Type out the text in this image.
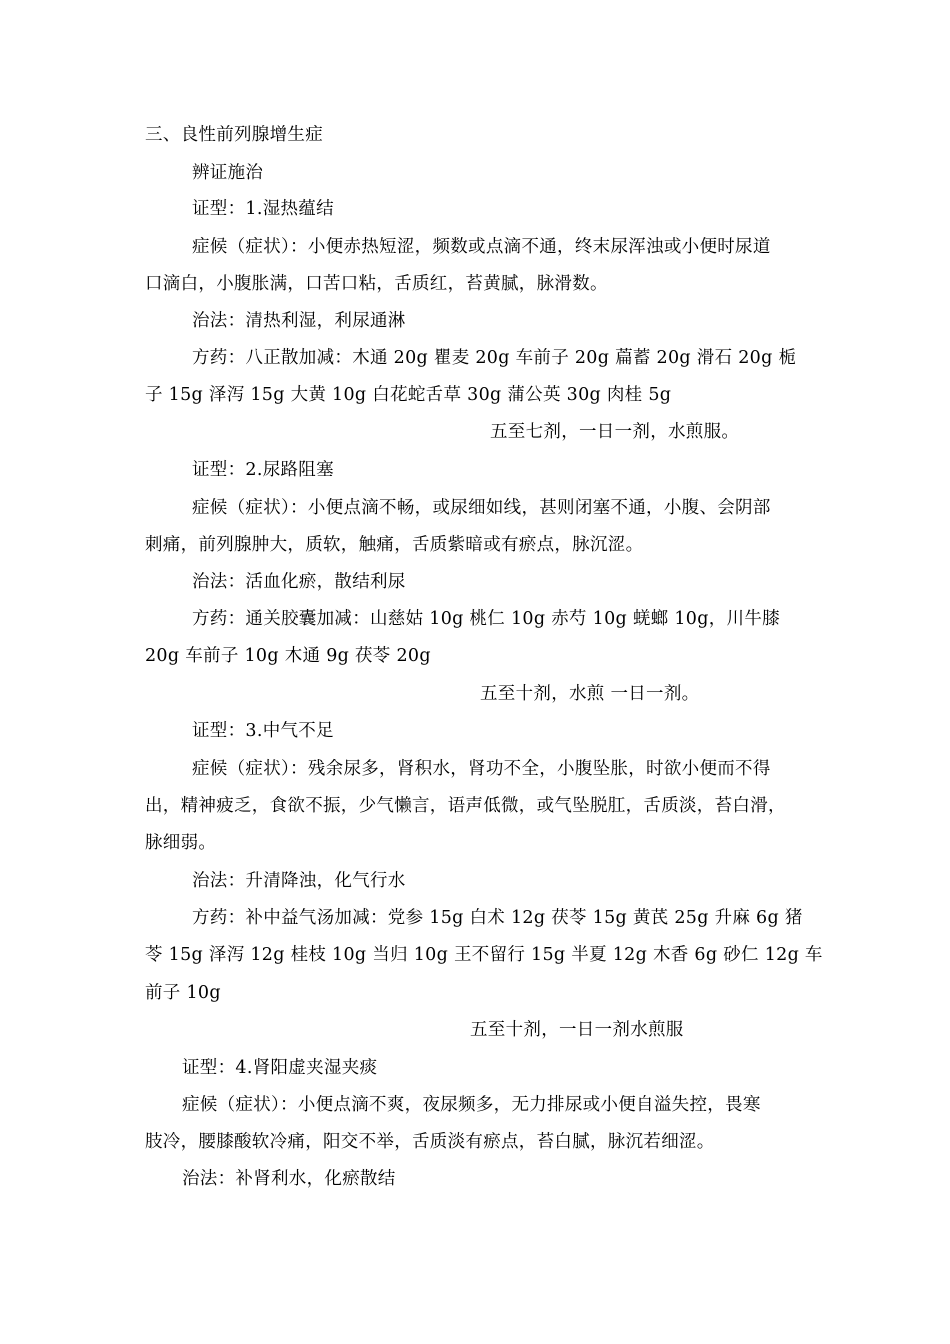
三、良性前列腺增生症
辨证施治
证型：1.湿热蕴结
症候（症状）：小便赤热短涩，频数或点滴不通，终末尿浑浊或小便时尿道
口滴白，小腹胀满，口苦口粘，舌质红，苔黄腻，脉滑数。
治法：清热利湿，利尿通淋
方药：八正散加减：木通 20g 瞿麦 20g 车前子 20g 萹蓄 20g 滑石 20g 栀
子 15g 泽泻 15g 大黄 10g 白花蛇舌草 30g 蒲公英 30g 肉桂 5g
五至七剂，一日一剂，水煎服。
证型：2.尿路阻塞
症候（症状）：小便点滴不畅，或尿细如线，甚则闭塞不通，小腹、会阴部
刺痛，前列腺肿大，质软，触痛，舌质紫暗或有瘀点，脉沉涩。
治法：活血化瘀，散结利尿
方药：通关胶囊加减：山慈姑 10g 桃仁 10g 赤芍 10g 蜣螂 10g，川牛膝
20g 车前子 10g 木通 9g 茯苓 20g
五至十剂，水煎 一日一剂。
证型：3.中气不足
症候（症状）：残余尿多，肾积水，肾功不全，小腹坠胀，时欲小便而不得
出，精神疲乏，食欲不振，少气懒言，语声低微，或气坠脱肛，舌质淡，苔白滑，
脉细弱。
治法：升清降浊，化气行水
方药：补中益气汤加减：党参 15g 白术 12g 茯苓 15g 黄芪 25g 升麻 6g 猪
苓 15g 泽泻 12g 桂枝 10g 当归 10g 王不留行 15g 半夏 12g 木香 6g 砂仁 12g 车
前子 10g
五至十剂，一日一剂水煎服
证型：4.肾阳虚夹湿夹痰
症候（症状）：小便点滴不爽，夜尿频多，无力排尿或小便自溢失控，畏寒
肢冷，腰膝酸软冷痛，阳交不举，舌质淡有瘀点，苔白腻，脉沉若细涩。
治法：补肾利水，化瘀散结
